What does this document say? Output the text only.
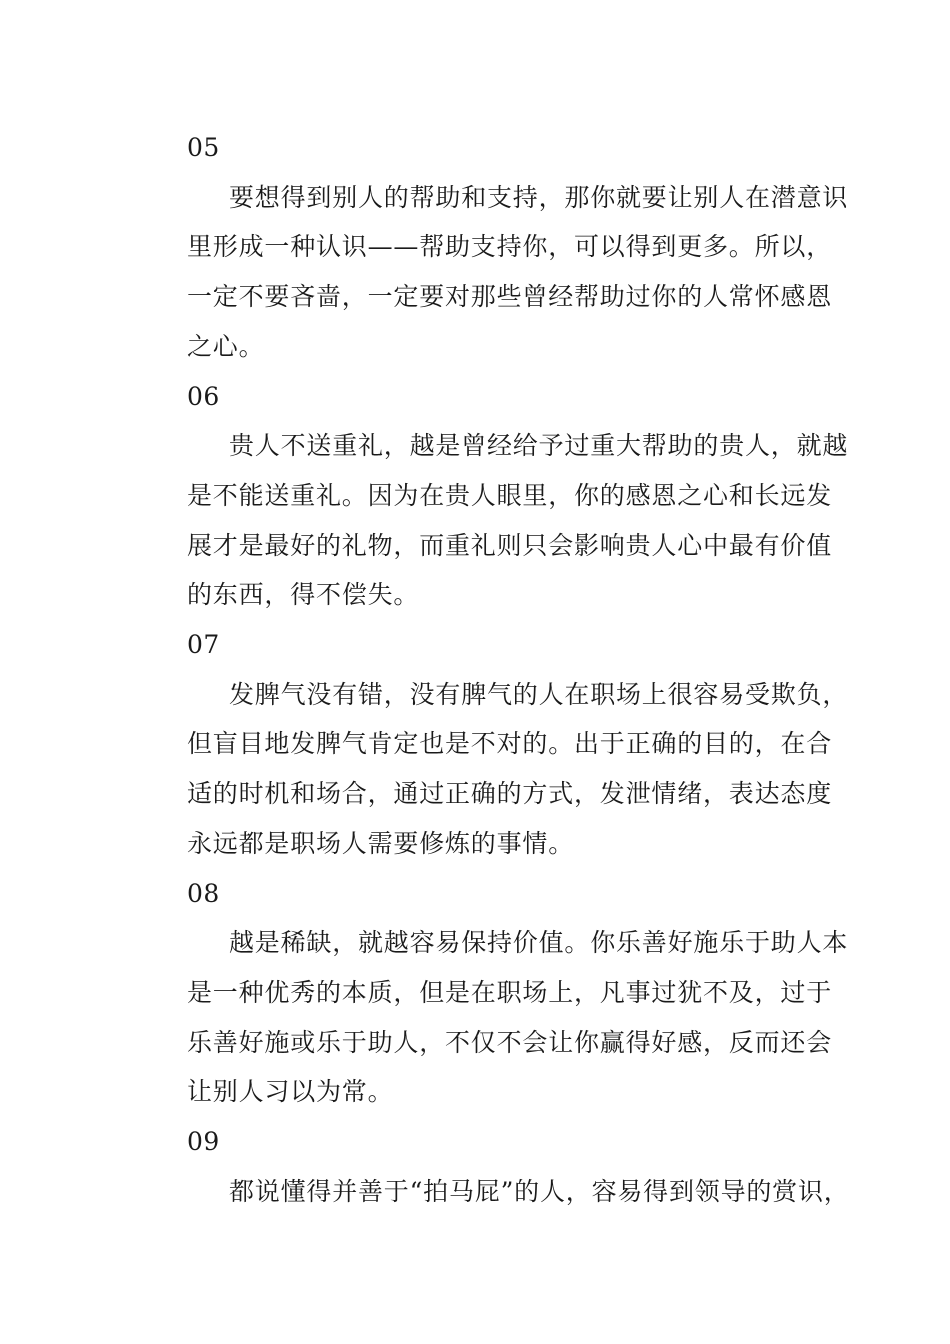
05

要想得到别人的帮助和支持，那你就要让别人在潜意识
里形成一种认识——帮助支持你，可以得到更多。所以，
一定不要吝啬，一定要对那些曾经帮助过你的人常怀感恩
之心。

06

贵人不送重礼，越是曾经给予过重大帮助的贵人，就越
是不能送重礼。因为在贵人眼里，你的感恩之心和长远发
展才是最好的礼物，而重礼则只会影响贵人心中最有价值
的东西，得不偿失。

07

发脾气没有错，没有脾气的人在职场上很容易受欺负，
但盲目地发脾气肯定也是不对的。出于正确的目的，在合
适的时机和场合，通过正确的方式，发泄情绪，表达态度
永远都是职场人需要修炼的事情。

08

越是稀缺，就越容易保持价值。你乐善好施乐于助人本
是一种优秀的本质，但是在职场上，凡事过犹不及，过于
乐善好施或乐于助人，不仅不会让你赢得好感，反而还会
让别人习以为常。

09

都说懂得并善于“拍马屁”的人，容易得到领导的赏识，
